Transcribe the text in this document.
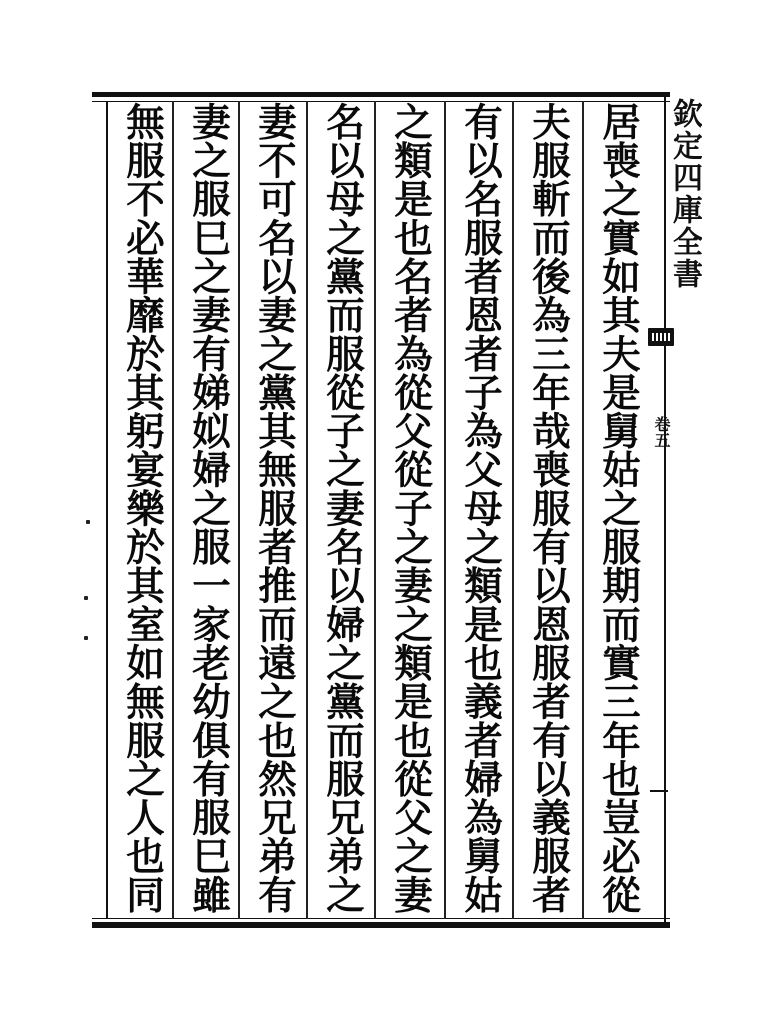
居喪之實如其夫是舅姑之服期而實三年也豈必從
夫服斬而後為三年哉喪服有以恩服者有以義服者
有以名服者恩者子為父母之類是也義者婦為舅姑
之類是也名者為從父從子之妻之類是也從父之妻
名以母之黨而服從子之妻名以婦之黨而服兄弟之
妻不可名以妻之黨其無服者推而遠之也然兄弟有
妻之服巳之妻有娣姒婦之服一家老幼俱有服巳雖
無服不必華靡於其躬宴樂於其室如無服之人也同	欽定四庫全書
卷五
